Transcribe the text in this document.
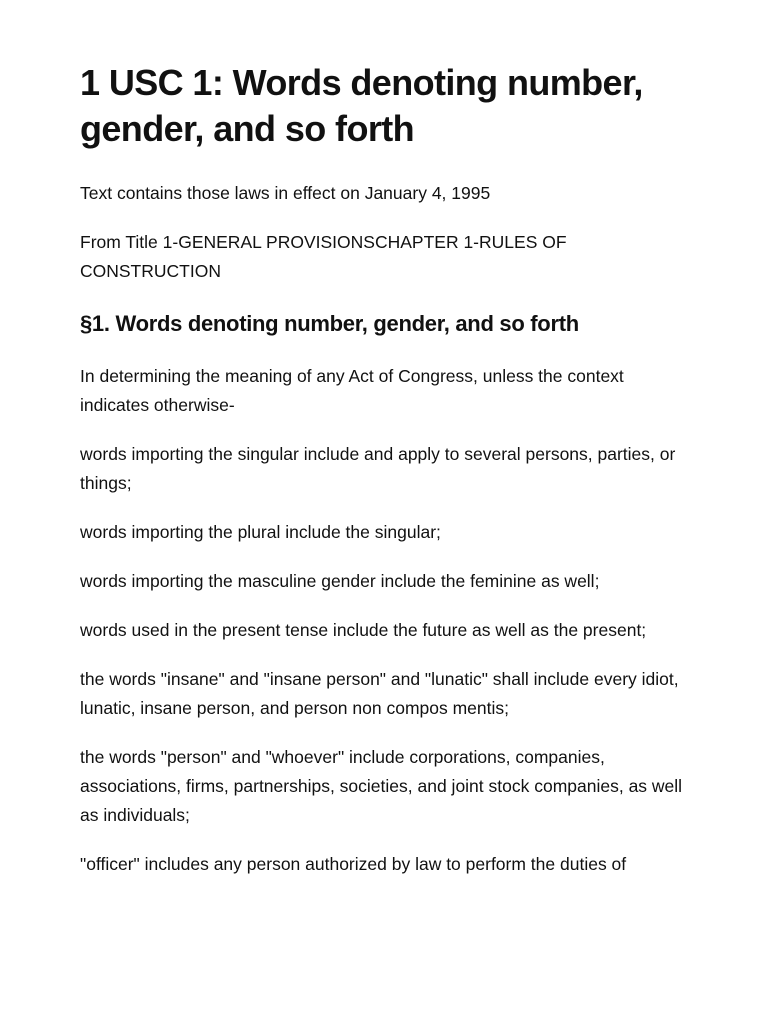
1 USC 1: Words denoting number, gender, and so forth

Text contains those laws in effect on January 4, 1995

From Title 1-GENERAL PROVISIONSCHAPTER 1-RULES OF CONSTRUCTION

§1. Words denoting number, gender, and so forth

In determining the meaning of any Act of Congress, unless the context indicates otherwise-

words importing the singular include and apply to several persons, parties, or things;

words importing the plural include the singular;

words importing the masculine gender include the feminine as well;

words used in the present tense include the future as well as the present;

the words "insane" and "insane person" and "lunatic" shall include every idiot, lunatic, insane person, and person non compos mentis;

the words "person" and "whoever" include corporations, companies, associations, firms, partnerships, societies, and joint stock companies, as well as individuals;

"officer" includes any person authorized by law to perform the duties of
